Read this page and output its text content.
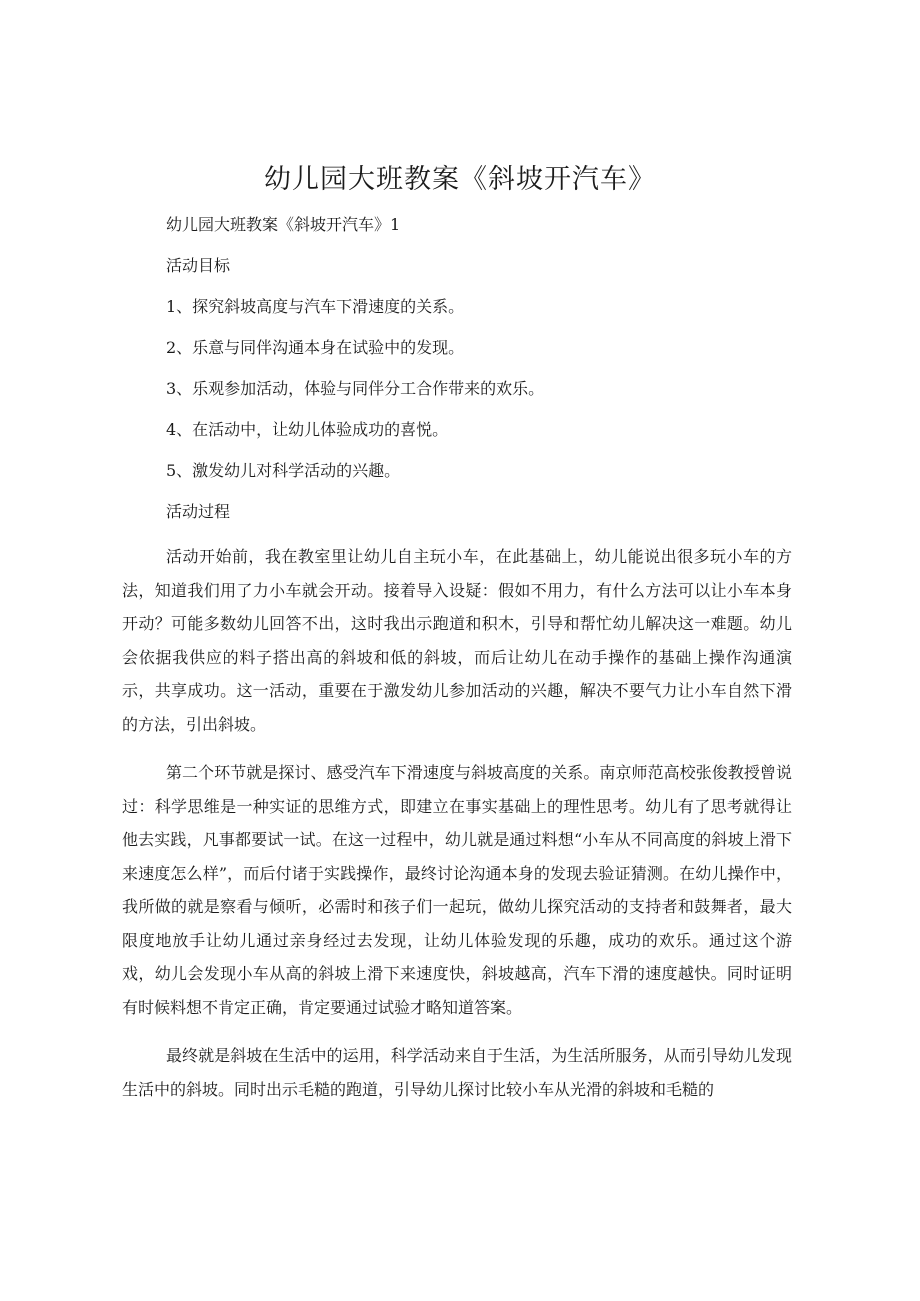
幼儿园大班教案《斜坡开汽车》

幼儿园大班教案《斜坡开汽车》1

活动目标

1、探究斜坡高度与汽车下滑速度的关系。

2、乐意与同伴沟通本身在试验中的发现。

3、乐观参加活动，体验与同伴分工合作带来的欢乐。

4、在活动中，让幼儿体验成功的喜悦。

5、激发幼儿对科学活动的兴趣。

活动过程

活动开始前，我在教室里让幼儿自主玩小车，在此基础上，幼儿能说出很多玩小车的方法，知道我们用了力小车就会开动。接着导入设疑：假如不用力，有什么方法可以让小车本身开动？可能多数幼儿回答不出，这时我出示跑道和积木，引导和帮忙幼儿解决这一难题。幼儿会依据我供应的料子搭出高的斜坡和低的斜坡，而后让幼儿在动手操作的基础上操作沟通演示，共享成功。这一活动，重要在于激发幼儿参加活动的兴趣，解决不要气力让小车自然下滑的方法，引出斜坡。

第二个环节就是探讨、感受汽车下滑速度与斜坡高度的关系。南京师范高校张俊教授曾说过：科学思维是一种实证的思维方式，即建立在事实基础上的理性思考。幼儿有了思考就得让他去实践，凡事都要试一试。在这一过程中，幼儿就是通过料想“小车从不同高度的斜坡上滑下来速度怎么样”，而后付诸于实践操作，最终讨论沟通本身的发现去验证猜测。在幼儿操作中，我所做的就是察看与倾听，必需时和孩子们一起玩，做幼儿探究活动的支持者和鼓舞者，最大限度地放手让幼儿通过亲身经过去发现，让幼儿体验发现的乐趣，成功的欢乐。通过这个游戏，幼儿会发现小车从高的斜坡上滑下来速度快，斜坡越高，汽车下滑的速度越快。同时证明有时候料想不肯定正确，肯定要通过试验才略知道答案。

最终就是斜坡在生活中的运用，科学活动来自于生活，为生活所服务，从而引导幼儿发现生活中的斜坡。同时出示毛糙的跑道，引导幼儿探讨比较小车从光滑的斜坡和毛糙的
